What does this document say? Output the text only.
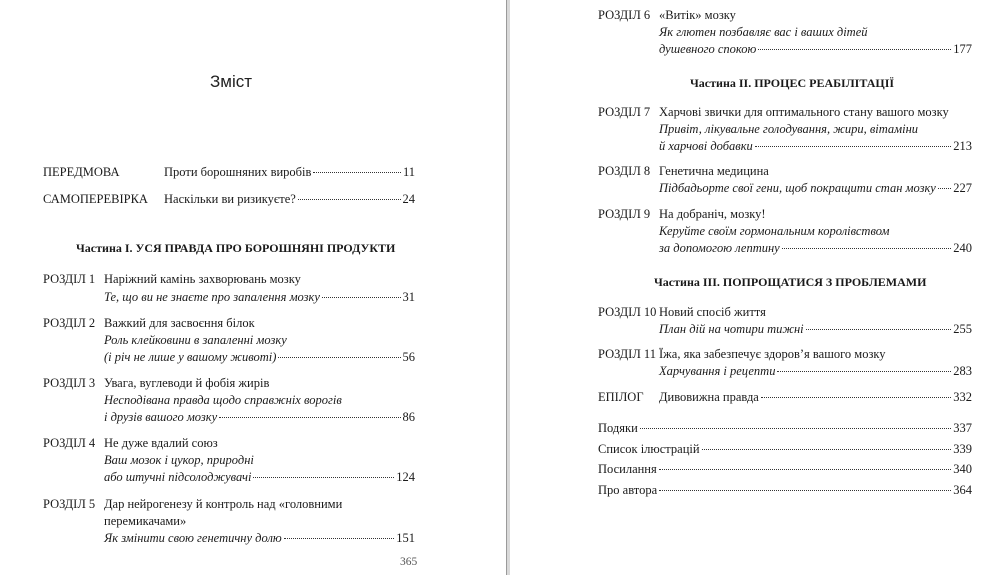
Зміст
ПЕРЕДМОВА	Проти борошняних виробів	11
САМОПЕРЕВІРКА Наскільки ви ризикуєте?	24
Частина І. УСЯ ПРАВДА ПРО БОРОШНЯНІ ПРОДУКТИ
РОЗДІЛ 1 Наріжний камінь захворювань мозку
Те, що ви не знаєте про запалення мозку	31
РОЗДІЛ 2 Важкий для засвоєння білок
Роль клейковини в запаленні мозку
(і річ не лише у вашому животі)	56
РОЗДІЛ 3 Увага, вуглеводи й фобія жирів
Несподівана правда щодо справжніх ворогів
і друзів вашого мозку	86
РОЗДІЛ 4 Не дуже вдалий союз
Ваш мозок і цукор, природні
або штучні підсолоджувачі	124
РОЗДІЛ 5 Дар нейрогенезу й контроль над «головними
перемикачами»
Як змінити свою генетичну долю	151
365
РОЗДІЛ 6 «Витік» мозку
Як глютен позбавляє вас і ваших дітей
душевного спокою	177
Частина ІІ. ПРОЦЕС РЕАБІЛІТАЦІЇ
РОЗДІЛ 7 Харчові звички для оптимального стану вашого мозку
Привіт, лікувальне голодування, жири, вітаміни
й харчові добавки	213
РОЗДІЛ 8 Генетична медицина
Підбадьорте свої гени, щоб покращити стан мозку 227
РОЗДІЛ 9 На добраніч, мозку!
Керуйте своїм гормональним королівством
за допомогою лептину	240
Частина ІІІ. ПОПРОЩАТИСЯ З ПРОБЛЕМАМИ
РОЗДІЛ 10 Новий спосіб життя
План дій на чотири тижні	255
РОЗДІЛ 11 Їжа, яка забезпечує здоров’я вашого мозку
Харчування і рецепти	283
ЕПІЛОГ Дивовижна правда	332
Подяки	337
Список ілюстрацій	339
Посилання	340
Про автора	364
